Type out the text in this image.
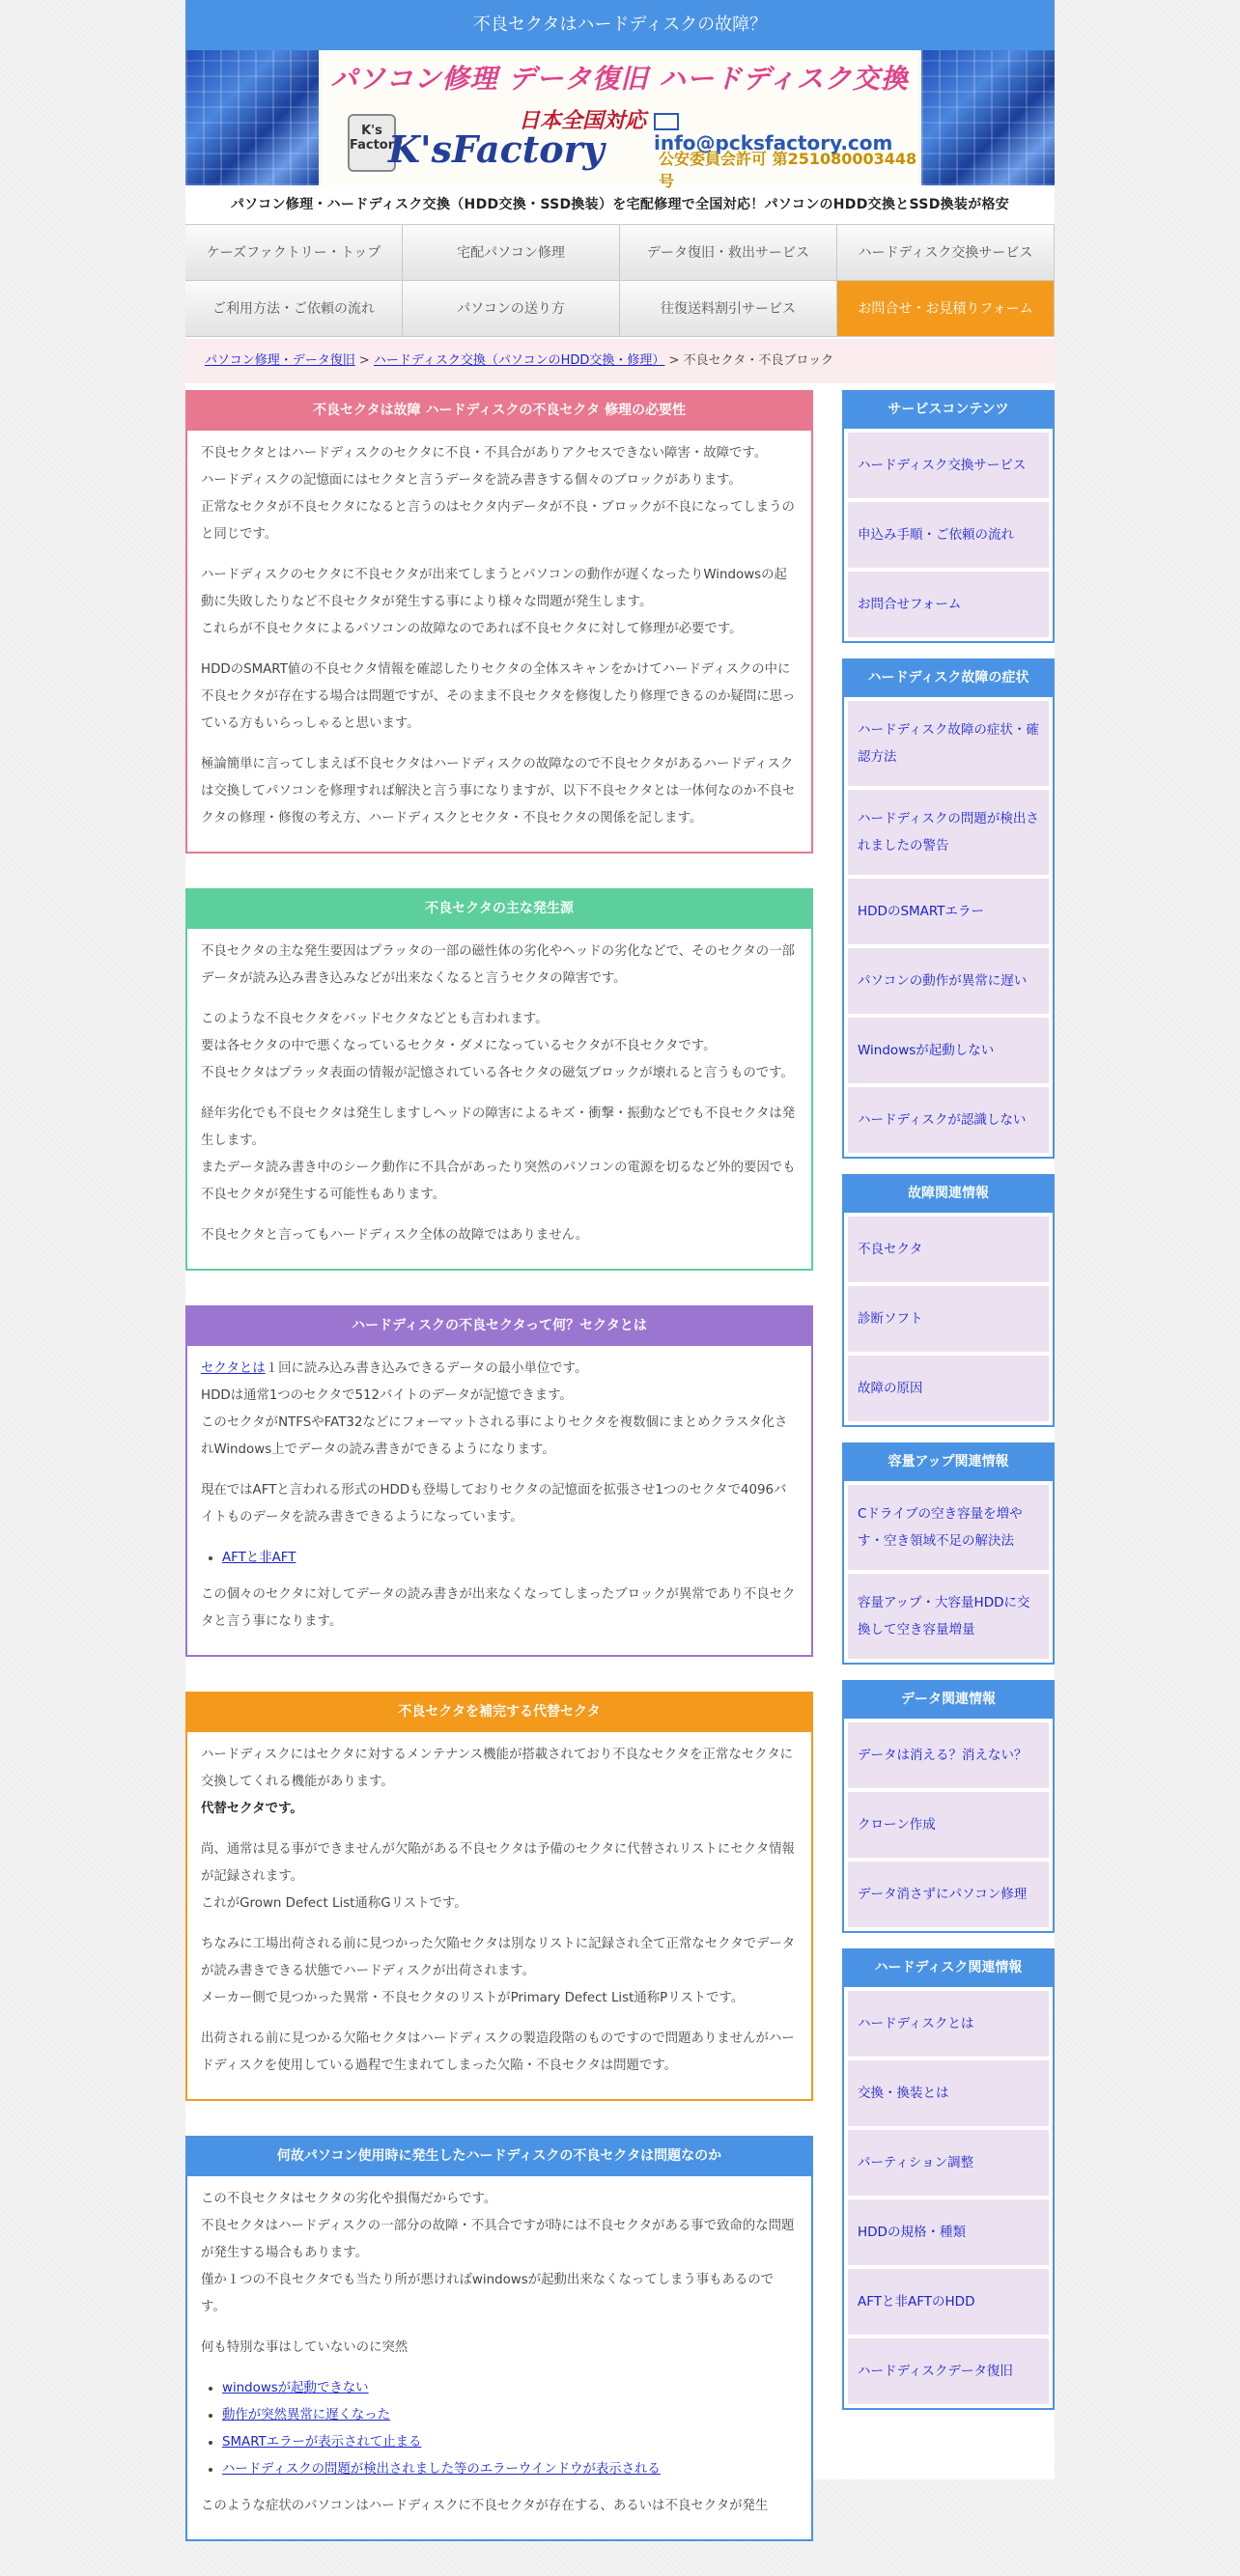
不良セクタはハードディスクの故障？
パソコン修理 データ復旧 ハードディスク交換
日本全国対応
K's Factory
K'sFactory	info@pcksfactory.com
公安委員会許可 第251080003448号
パソコン修理・ハードディスク交換（HDD交換・SSD換装）を宅配修理で全国対応！パソコンのHDD交換とSSD換装が格安
ケーズファクトリー・トップ	宅配パソコン修理	データ復旧・救出サービス	ハードディスク交換サービス
ご利用方法・ご依頼の流れ	パソコンの送り方	往復送料割引サービス	お問合せ・お見積りフォーム
パソコン修理・データ復旧 > ハードディスク交換（パソコンのHDD交換・修理） > 不良セクタ・不良ブロック
不良セクタは故障 ハードディスクの不良セクタ 修理の必要性

不良セクタとはハードディスクのセクタに不良・不具合がありアクセスできない障害・故障です。
ハードディスクの記憶面にはセクタと言うデータを読み書きする個々のブロックがあります。
正常なセクタが不良セクタになると言うのはセクタ内データが不良・ブロックが不良になってしまうのと同じです。

ハードディスクのセクタに不良セクタが出来てしまうとパソコンの動作が遅くなったりWindowsの起動に失敗したりなど不良セクタが発生する事により様々な問題が発生します。
これらが不良セクタによるパソコンの故障なのであれば不良セクタに対して修理が必要です。

HDDのSMART値の不良セクタ情報を確認したりセクタの全体スキャンをかけてハードディスクの中に不良セクタが存在する場合は問題ですが、そのまま不良セクタを修復したり修理できるのか疑問に思っている方もいらっしゃると思います。

極論簡単に言ってしまえば不良セクタはハードディスクの故障なので不良セクタがあるハードディスクは交換してパソコンを修理すれば解決と言う事になりますが、以下不良セクタとは一体何なのか不良セクタの修理・修復の考え方、ハードディスクとセクタ・不良セクタの関係を記します。

不良セクタの主な発生源

不良セクタの主な発生要因はプラッタの一部の磁性体の劣化やヘッドの劣化などで、そのセクタの一部データが読み込み書き込みなどが出来なくなると言うセクタの障害です。

このような不良セクタをバッドセクタなどとも言われます。
要は各セクタの中で悪くなっているセクタ・ダメになっているセクタが不良セクタです。
不良セクタはプラッタ表面の情報が記憶されている各セクタの磁気ブロックが壊れると言うものです。

経年劣化でも不良セクタは発生しますしヘッドの障害によるキズ・衝撃・振動などでも不良セクタは発生します。
またデータ読み書き中のシーク動作に不具合があったり突然のパソコンの電源を切るなど外的要因でも不良セクタが発生する可能性もあります。

不良セクタと言ってもハードディスク全体の故障ではありません。

ハードディスクの不良セクタって何？セクタとは

セクタとは１回に読み込み書き込みできるデータの最小単位です。
HDDは通常1つのセクタで512バイトのデータが記憶できます。
このセクタがNTFSやFAT32などにフォーマットされる事によりセクタを複数個にまとめクラスタ化されWindows上でデータの読み書きができるようになります。

現在ではAFTと言われる形式のHDDも登場しておりセクタの記憶面を拡張させ1つのセクタで4096バイトものデータを読み書きできるようになっています。

• AFTと非AFT

この個々のセクタに対してデータの読み書きが出来なくなってしまったブロックが異常であり不良セクタと言う事になります。

不良セクタを補完する代替セクタ

ハードディスクにはセクタに対するメンテナンス機能が搭載されており不良なセクタを正常なセクタに交換してくれる機能があります。
代替セクタです。

尚、通常は見る事ができませんが欠陥がある不良セクタは予備のセクタに代替されリストにセクタ情報が記録されます。
これがGrown Defect List通称Gリストです。

ちなみに工場出荷される前に見つかった欠陥セクタは別なリストに記録され全て正常なセクタでデータが読み書きできる状態でハードディスクが出荷されます。
メーカー側で見つかった異常・不良セクタのリストがPrimary Defect List通称Pリストです。

出荷される前に見つかる欠陥セクタはハードディスクの製造段階のものですので問題ありませんがハードディスクを使用している過程で生まれてしまった欠陥・不良セクタは問題です。

何故パソコン使用時に発生したハードディスクの不良セクタは問題なのか

この不良セクタはセクタの劣化や損傷だからです。
不良セクタはハードディスクの一部分の故障・不具合ですが時には不良セクタがある事で致命的な問題が発生する場合もあります。
僅か１つの不良セクタでも当たり所が悪ければwindowsが起動出来なくなってしまう事もあるのです。

何も特別な事はしていないのに突然

• windowsが起動できない
• 動作が突然異常に遅くなった
• SMARTエラーが表示されて止まる
• ハードディスクの問題が検出されました等のエラーウインドウが表示される

このような症状のパソコンはハードディスクに不良セクタが存在する、あるいは不良セクタが発生

サービスコンテンツ
ハードディスク交換サービス
申込み手順・ご依頼の流れ
お問合せフォーム
ハードディスク故障の症状
ハードディスク故障の症状・確認方法
ハードディスクの問題が検出されましたの警告
HDDのSMARTエラー
パソコンの動作が異常に遅い
Windowsが起動しない
ハードディスクが認識しない
故障関連情報
不良セクタ
診断ソフト
故障の原因
容量アップ関連情報
Cドライブの空き容量を増やす・空き領域不足の解決法
容量アップ・大容量HDDに交換して空き容量増量
データ関連情報
データは消える？消えない？
クローン作成
データ消さずにパソコン修理
ハードディスク関連情報
ハードディスクとは
交換・換装とは
パーティション調整
HDDの規格・種類
AFTと非AFTのHDD
ハードディスクデータ復旧
